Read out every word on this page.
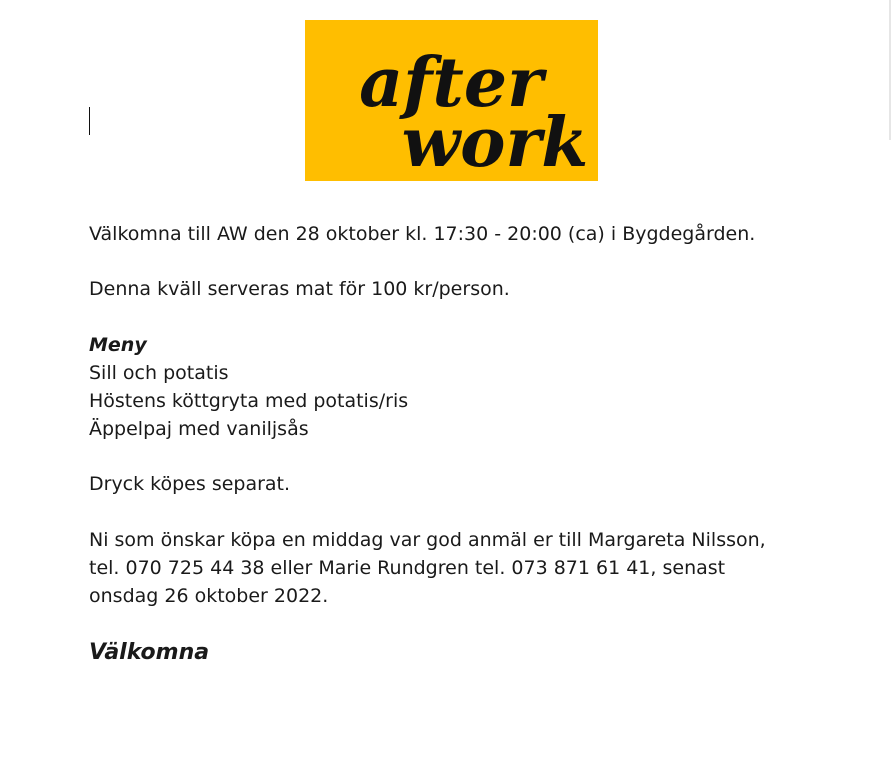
after
work

Välkomna till AW den 28 oktober kl. 17:30 - 20:00 (ca) i Bygdegården.

Denna kväll serveras mat för 100 kr/person.

Meny

Sill och potatis

Höstens köttgryta med potatis/ris

Äppelpaj med vaniljsås

Dryck köpes separat.

Ni som önskar köpa en middag var god anmäl er till Margareta Nilsson,

tel. 070 725 44 38 eller Marie Rundgren tel. 073 871 61 41, senast

onsdag 26 oktober 2022.

Välkomna
